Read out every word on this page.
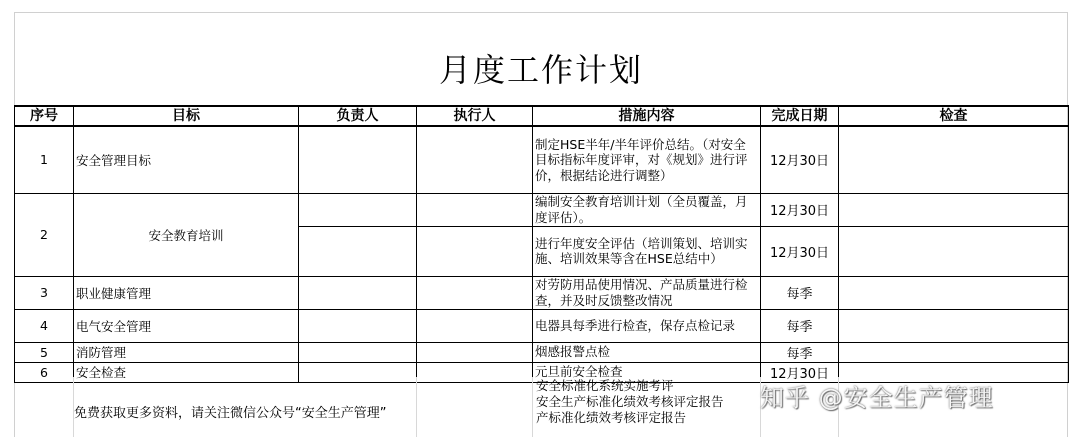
月度工作计划
序号	目标	负责人	执行人	措施内容	完成日期	检查
1	安全管理目标			制定HSE半年/半年评价总结。（对安全目标指标年度评审，对《规划》进行评价，根据结论进行调整）	12月30日	
2	安全教育培训			编制安全教育培训计划（全员覆盖，月度评估）。	12月30日	
				进行年度安全评估（培训策划、培训实施、培训效果等含在HSE总结中）	12月30日	
3	职业健康管理			对劳防用品使用情况、产品质量进行检查，并及时反馈整改情况	每季	
4	电气安全管理			电器具每季进行检查，保存点检记录	每季	
5	消防管理			烟感报警点检	每季	
6	安全检查			元旦前安全检查	12月30日	
安全标准化系统实施考评
安全生产标准化绩效考核评定报告
产标准化绩效考核评定报告
免费获取更多资料，请关注微信公众号“安全生产管理”
知乎 @安全生产管理
